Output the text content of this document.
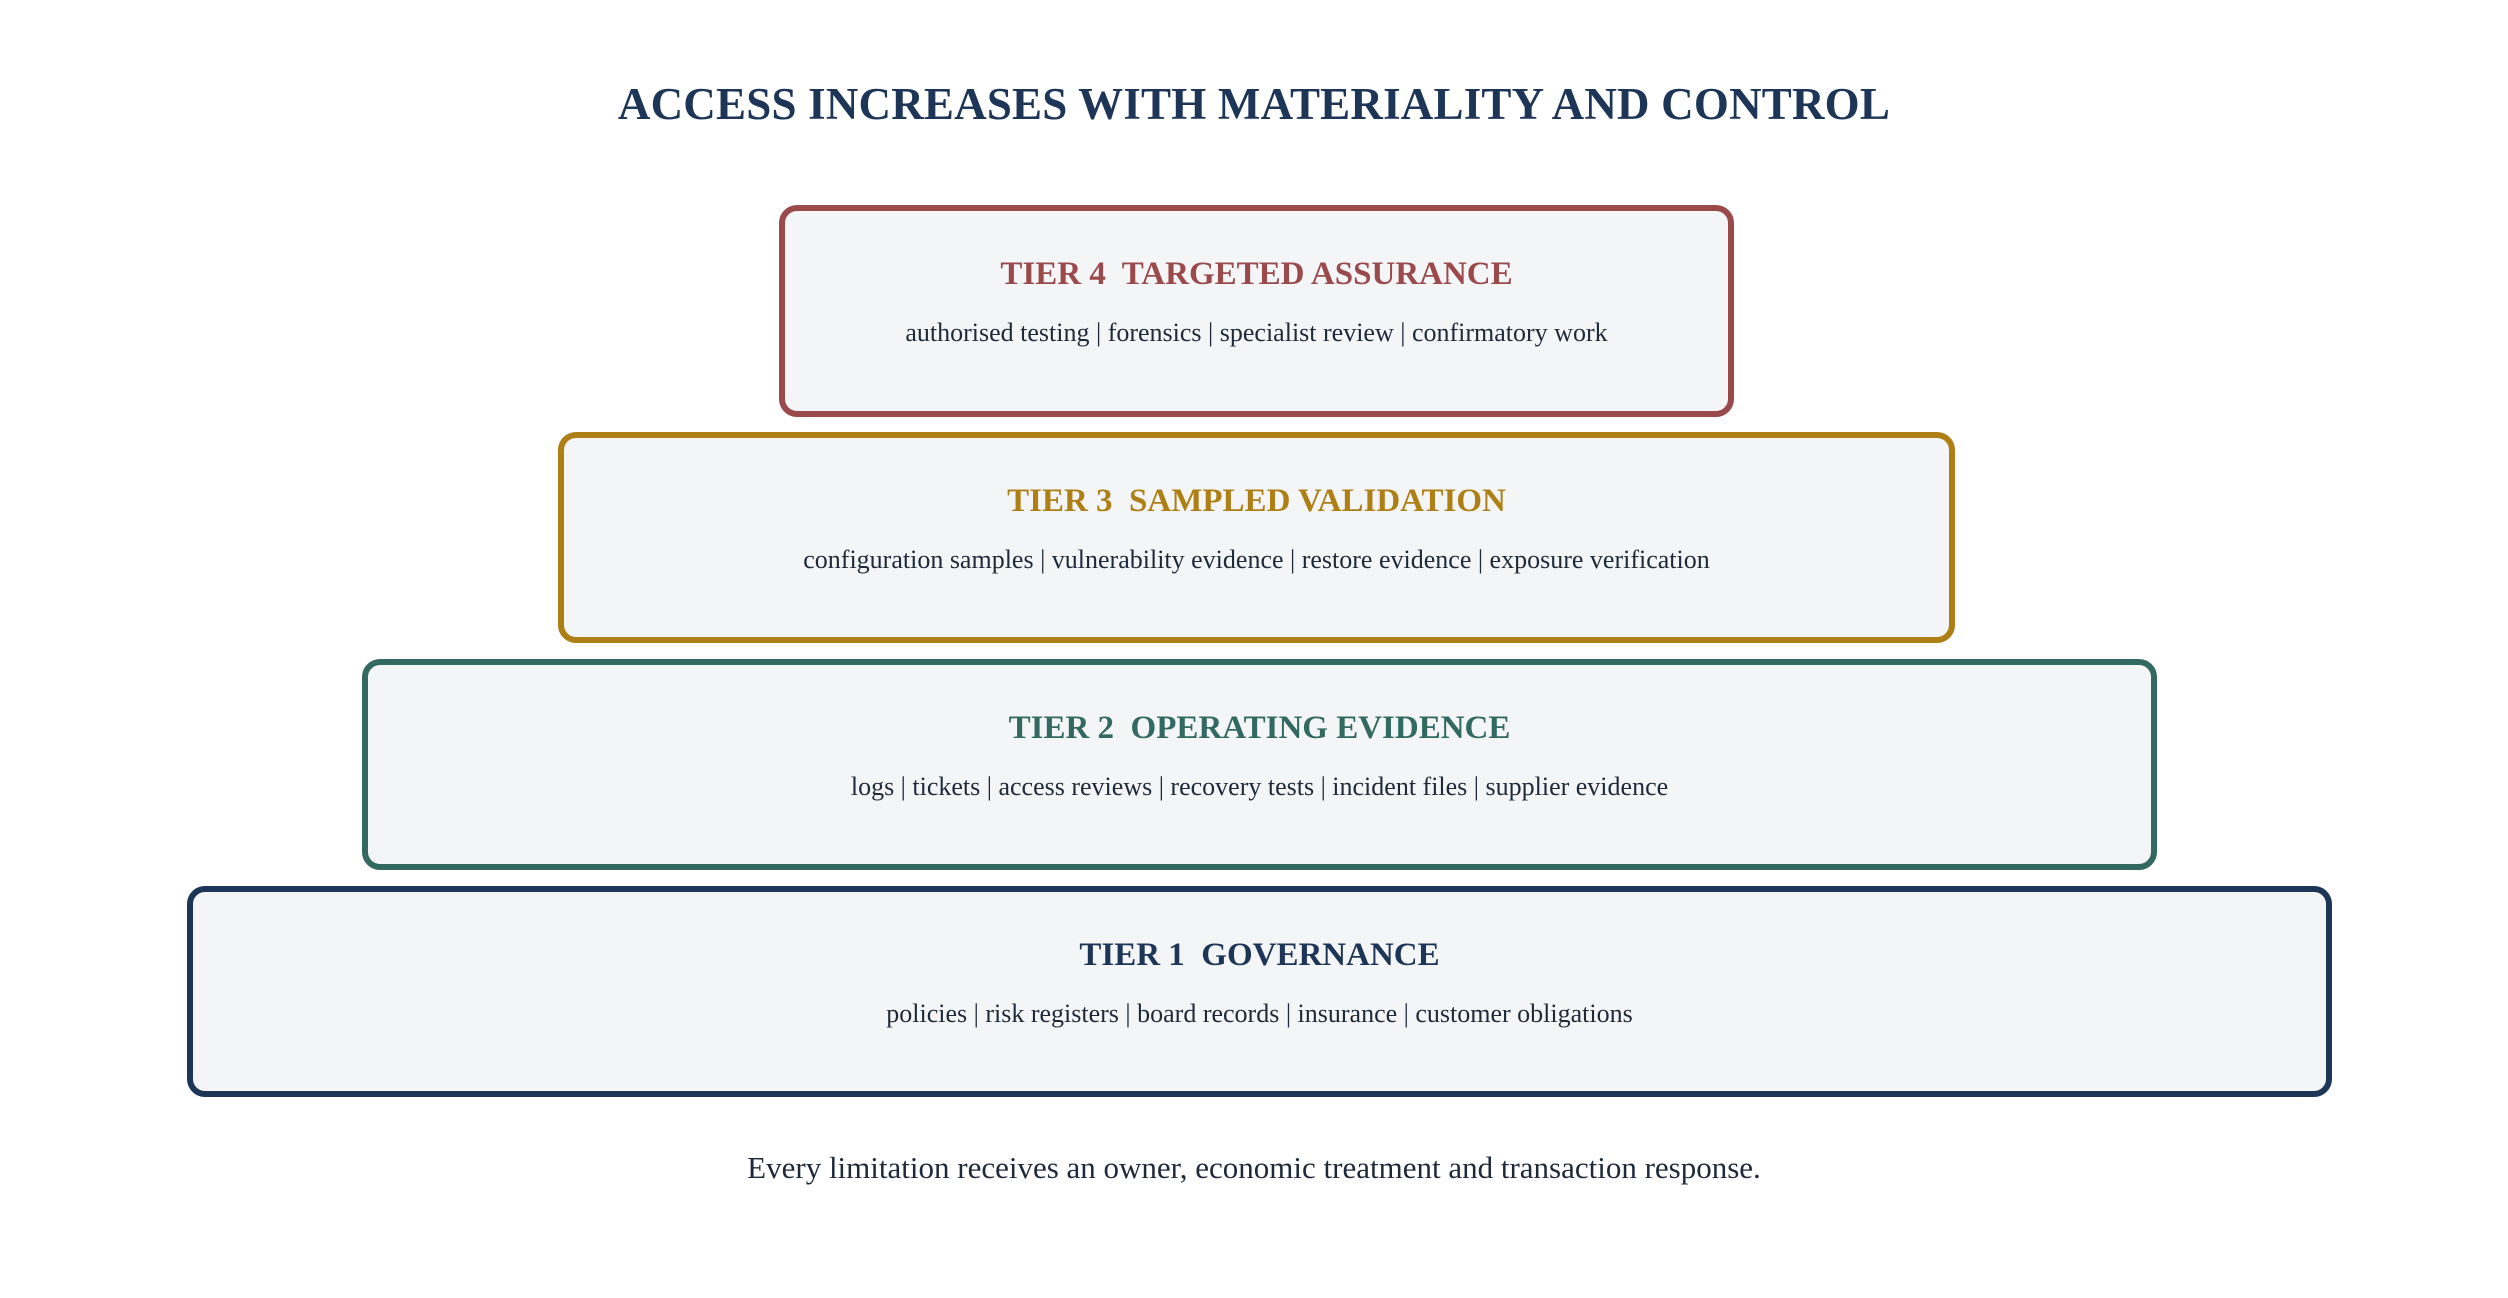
ACCESS INCREASES WITH MATERIALITY AND CONTROL
TIER 4  TARGETED ASSURANCE
authorised testing | forensics | specialist review | confirmatory work
TIER 3  SAMPLED VALIDATION
configuration samples | vulnerability evidence | restore evidence | exposure verification
TIER 2  OPERATING EVIDENCE
logs | tickets | access reviews | recovery tests | incident files | supplier evidence
TIER 1  GOVERNANCE
policies | risk registers | board records | insurance | customer obligations
Every limitation receives an owner, economic treatment and transaction response.
